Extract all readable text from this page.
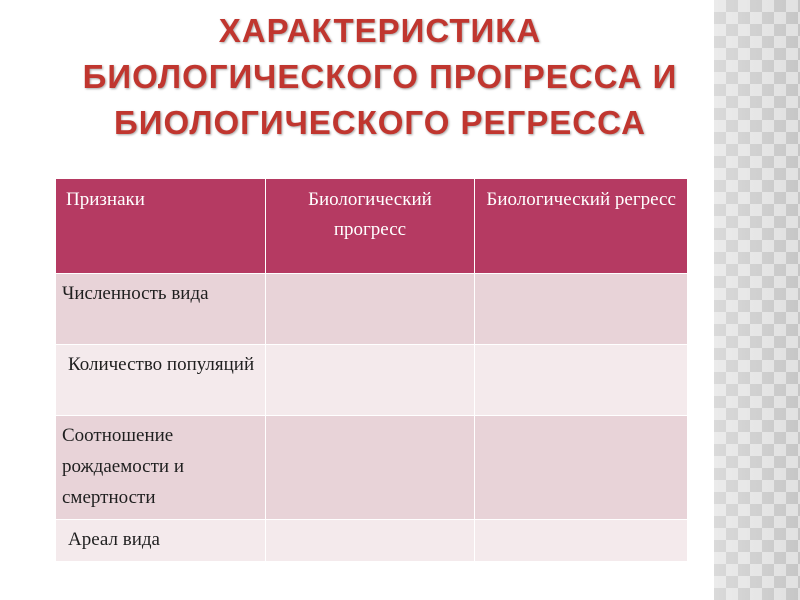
ХАРАКТЕРИСТИКА
БИОЛОГИЧЕСКОГО ПРОГРЕССА И
БИОЛОГИЧЕСКОГО РЕГРЕССА
Признаки	Биологический прогресс	Биологический регресс
Численность вида		
Количество популяций		
Соотношение рождаемости и смертности		
Ареал вида		
